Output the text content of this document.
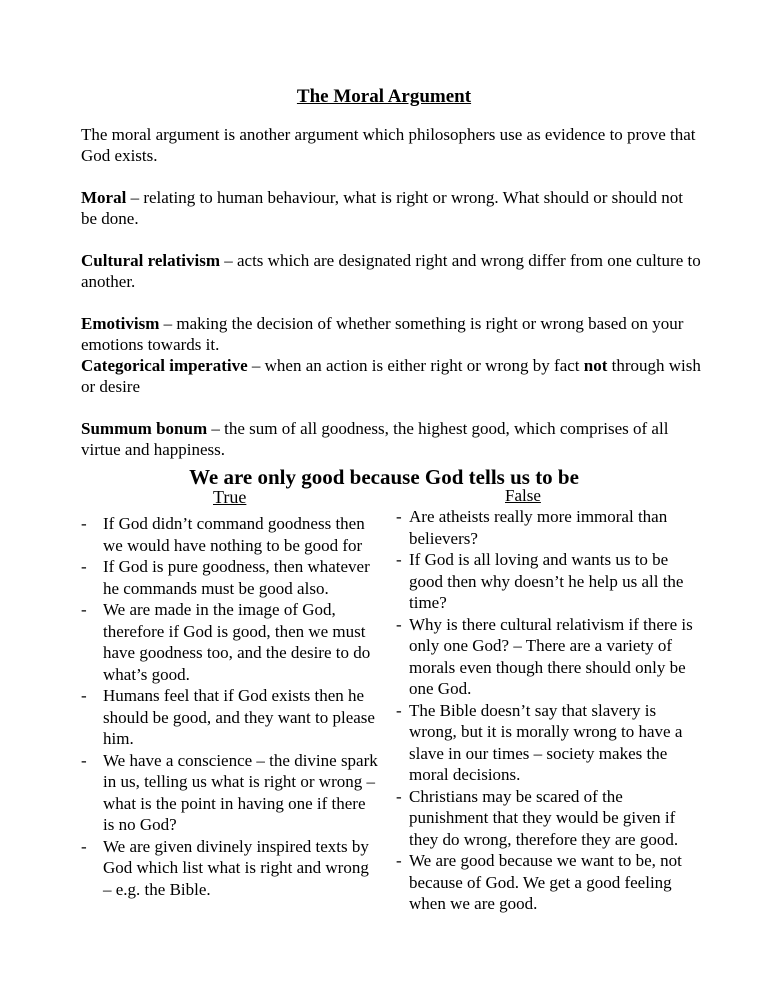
The Moral Argument
The moral argument is another argument which philosophers use as evidence to prove that God exists.
Moral – relating to human behaviour, what is right or wrong. What should or should not be done.
Cultural relativism – acts which are designated right and wrong differ from one culture to another.
Emotivism – making the decision of whether something is right or wrong based on your emotions towards it.
Categorical imperative – when an action is either right or wrong by fact not through wish or desire
Summum bonum – the sum of all goodness, the highest good, which comprises of all virtue and happiness.
We are only good because God tells us to be
True	False
- If God didn’t command goodness then we would have nothing to be good for
- If God is pure goodness, then whatever he commands must be good also.
- We are made in the image of God, therefore if God is good, then we must have goodness too, and the desire to do what’s good.
- Humans feel that if God exists then he should be good, and they want to please him.
- We have a conscience – the divine spark in us, telling us what is right or wrong – what is the point in having one if there is no God?
- We are given divinely inspired texts by God which list what is right and wrong – e.g. the Bible.
- Are atheists really more immoral than believers?
- If God is all loving and wants us to be good then why doesn’t he help us all the time?
- Why is there cultural relativism if there is only one God? – There are a variety of morals even though there should only be one God.
- The Bible doesn’t say that slavery is wrong, but it is morally wrong to have a slave in our times – society makes the moral decisions.
- Christians may be scared of the punishment that they would be given if they do wrong, therefore they are good.
- We are good because we want to be, not because of God. We get a good feeling when we are good.
